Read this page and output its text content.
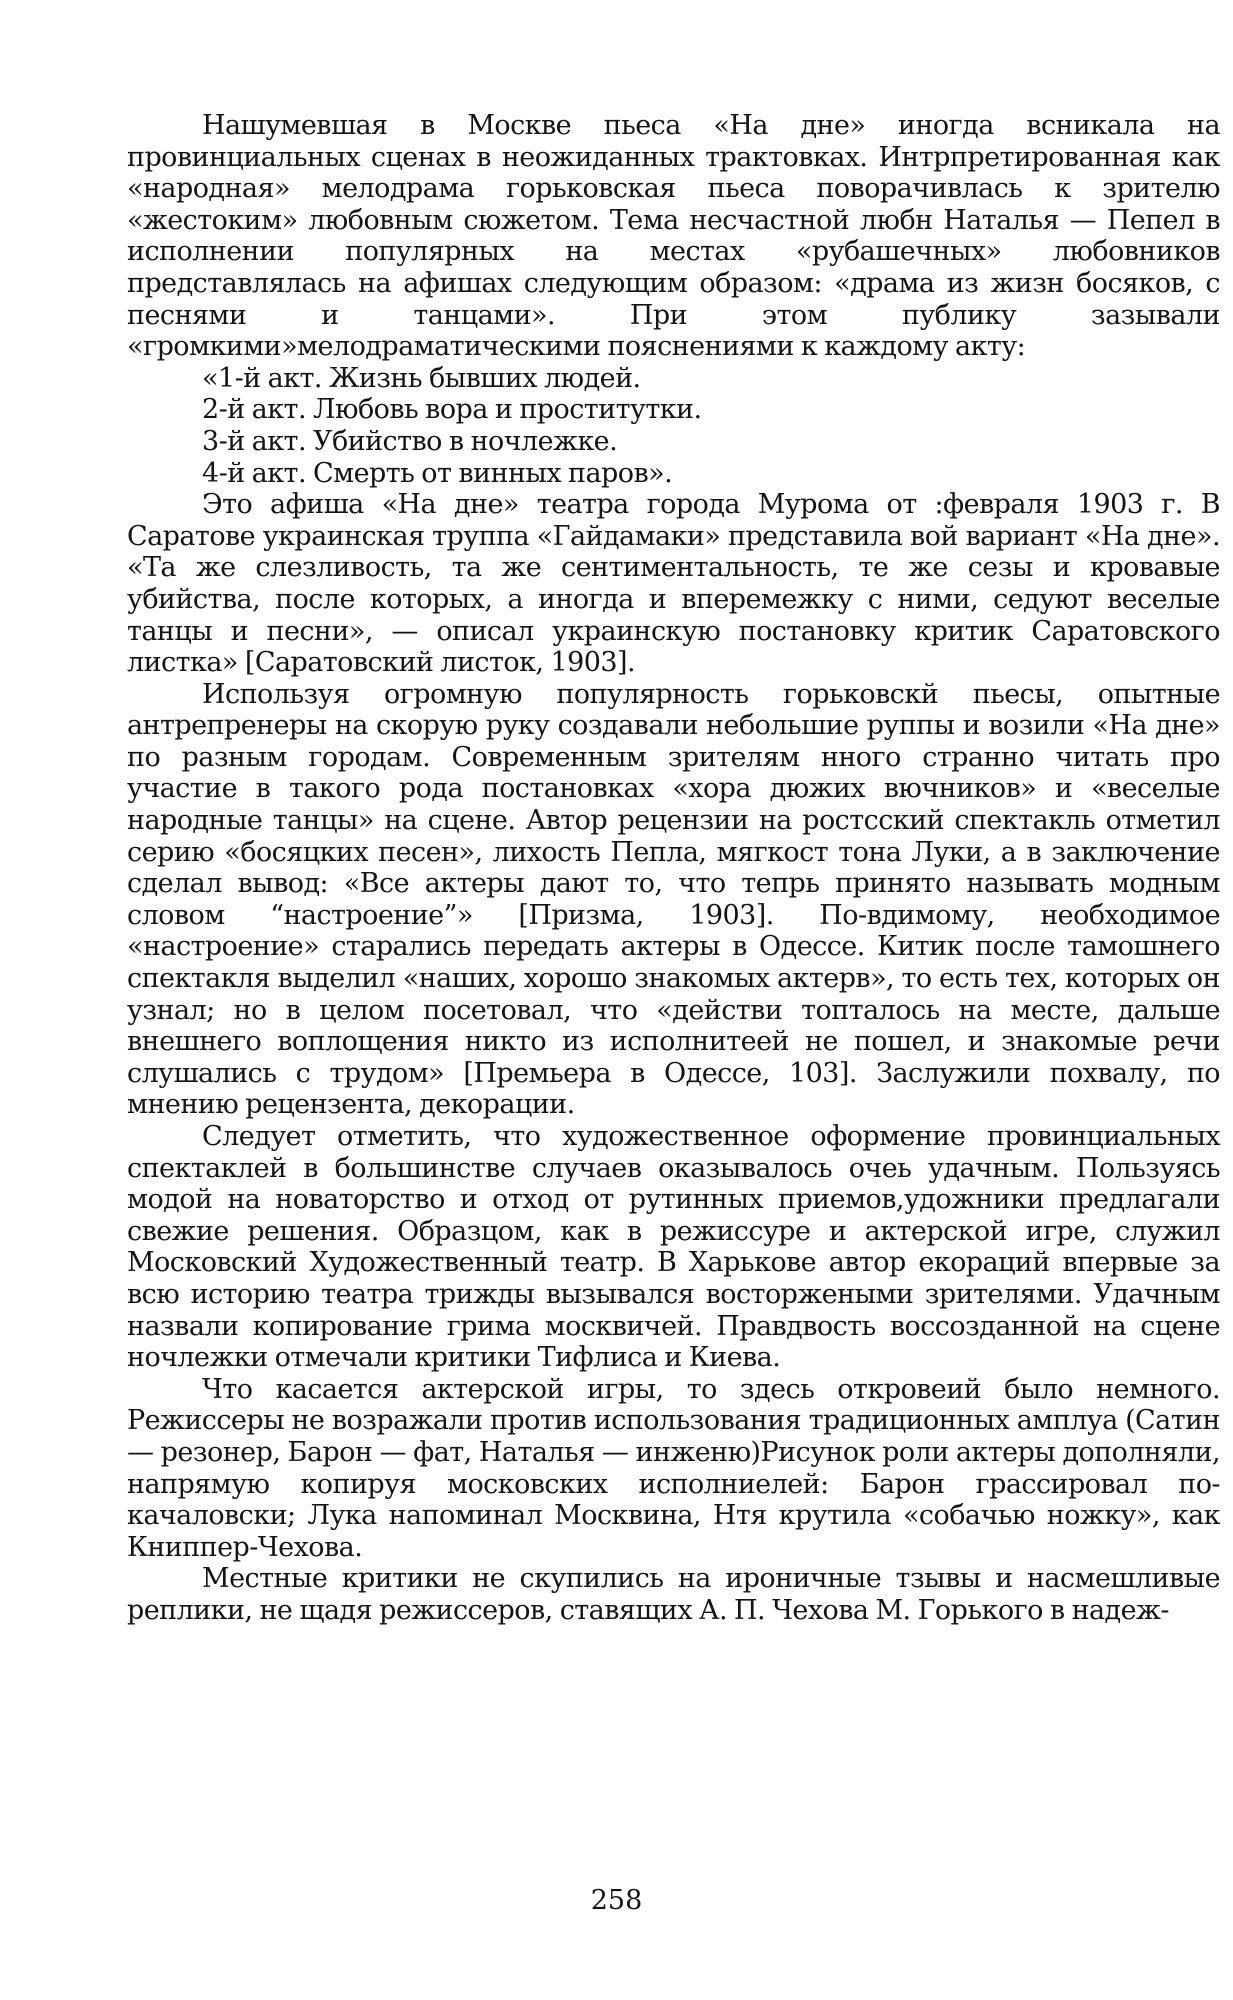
Нашумевшая в Москве пьеса «На дне» иногда вcникала на провинциальных сценах в неожиданных трактовках. Интрпретированная как «народная» мелодрама горьковская пьеса поворачивлась к зрителю «жестоким» любовным сюжетом. Тема несчастной любн Наталья — Пепел в исполнении популярных на местах «рубашечных» любовников представлялась на афишах следующим образом: «драма из жизн босяков, с песнями и танцами». При этом публику зазывали «громкими»мелодраматическими пояснениями к каждому акту:

«1-й акт. Жизнь бывших людей.

2-й акт. Любовь вора и проститутки.

3-й акт. Убийство в ночлежке.

4-й акт. Смерть от винных паров».

Это афиша «На дне» театра города Мурома от :февраля 1903 г. В Саратове украинская труппа «Гайдамаки» представила вой вариант «На дне». «Та же слезливость, та же сентиментальность, те же сезы и кровавые убийства, после которых, а иногда и вперемежку с ними, седуют веселые танцы и песни», — описал украинскую постановку критик Саратовского листка» [Саратовский листок, 1903].

Используя огромную популярность горьковскй пьесы, опытные антрепренеры на скорую руку создавали небольшие руппы и возили «На дне» по разным городам. Современным зрителям нного странно читать про участие в такого рода постановках «хора дюжих вючников» и «веселые народные танцы» на сцене. Автор рецензии на ростсский спектакль отметил серию «босяцких песен», лихость Пепла, мягкост тона Луки, а в заключение сделал вывод: «Все актеры дают то, что тепрь принято называть модным словом “настроение”» [Призма, 1903]. По-вдимому, необходимое «настроение» старались передать актеры в Одессе. Китик после тамошнего спектакля выделил «наших, хорошо знакомых актерв», то есть тех, которых он узнал; но в целом посетовал, что «действи топталось на месте, дальше внешнего воплощения никто из исполнитеей не пошел, и знакомые речи слушались с трудом» [Премьера в Одессе, 103]. Заслужили похвалу, по мнению рецензента, декорации.

Следует отметить, что художественное оформение провинциальных спектаклей в большинстве случаев оказывалось очеь удачным. Пользуясь модой на новаторство и отход от рутинных приемов,удожники предлагали свежие решения. Образцом, как в режиссуре и актерской игре, служил Московский Художественный театр. В Харькове автор екораций впервые за всю историю театра трижды вызывался восторжеными зрителями. Удачным назвали копирование грима москвичей. Правдвость воссозданной на сцене ночлежки отмечали критики Тифлиса и Киева.

Что касается актерской игры, то здесь откровеий было немного. Режиссеры не возражали против использования традиционных амплуа (Сатин — резонер, Барон — фат, Наталья — инженю)Рисунок роли актеры дополняли, напрямую копируя московских исполниелей: Барон грассировал по-качаловски; Лука напоминал Москвина, Нтя крутила «собачью ножку», как Книппер-Чехова.

Местные критики не скупились на ироничные тзывы и насмешливые реплики, не щадя режиссеров, ставящих А. П. Чехова М. Горького в надеж-

258
